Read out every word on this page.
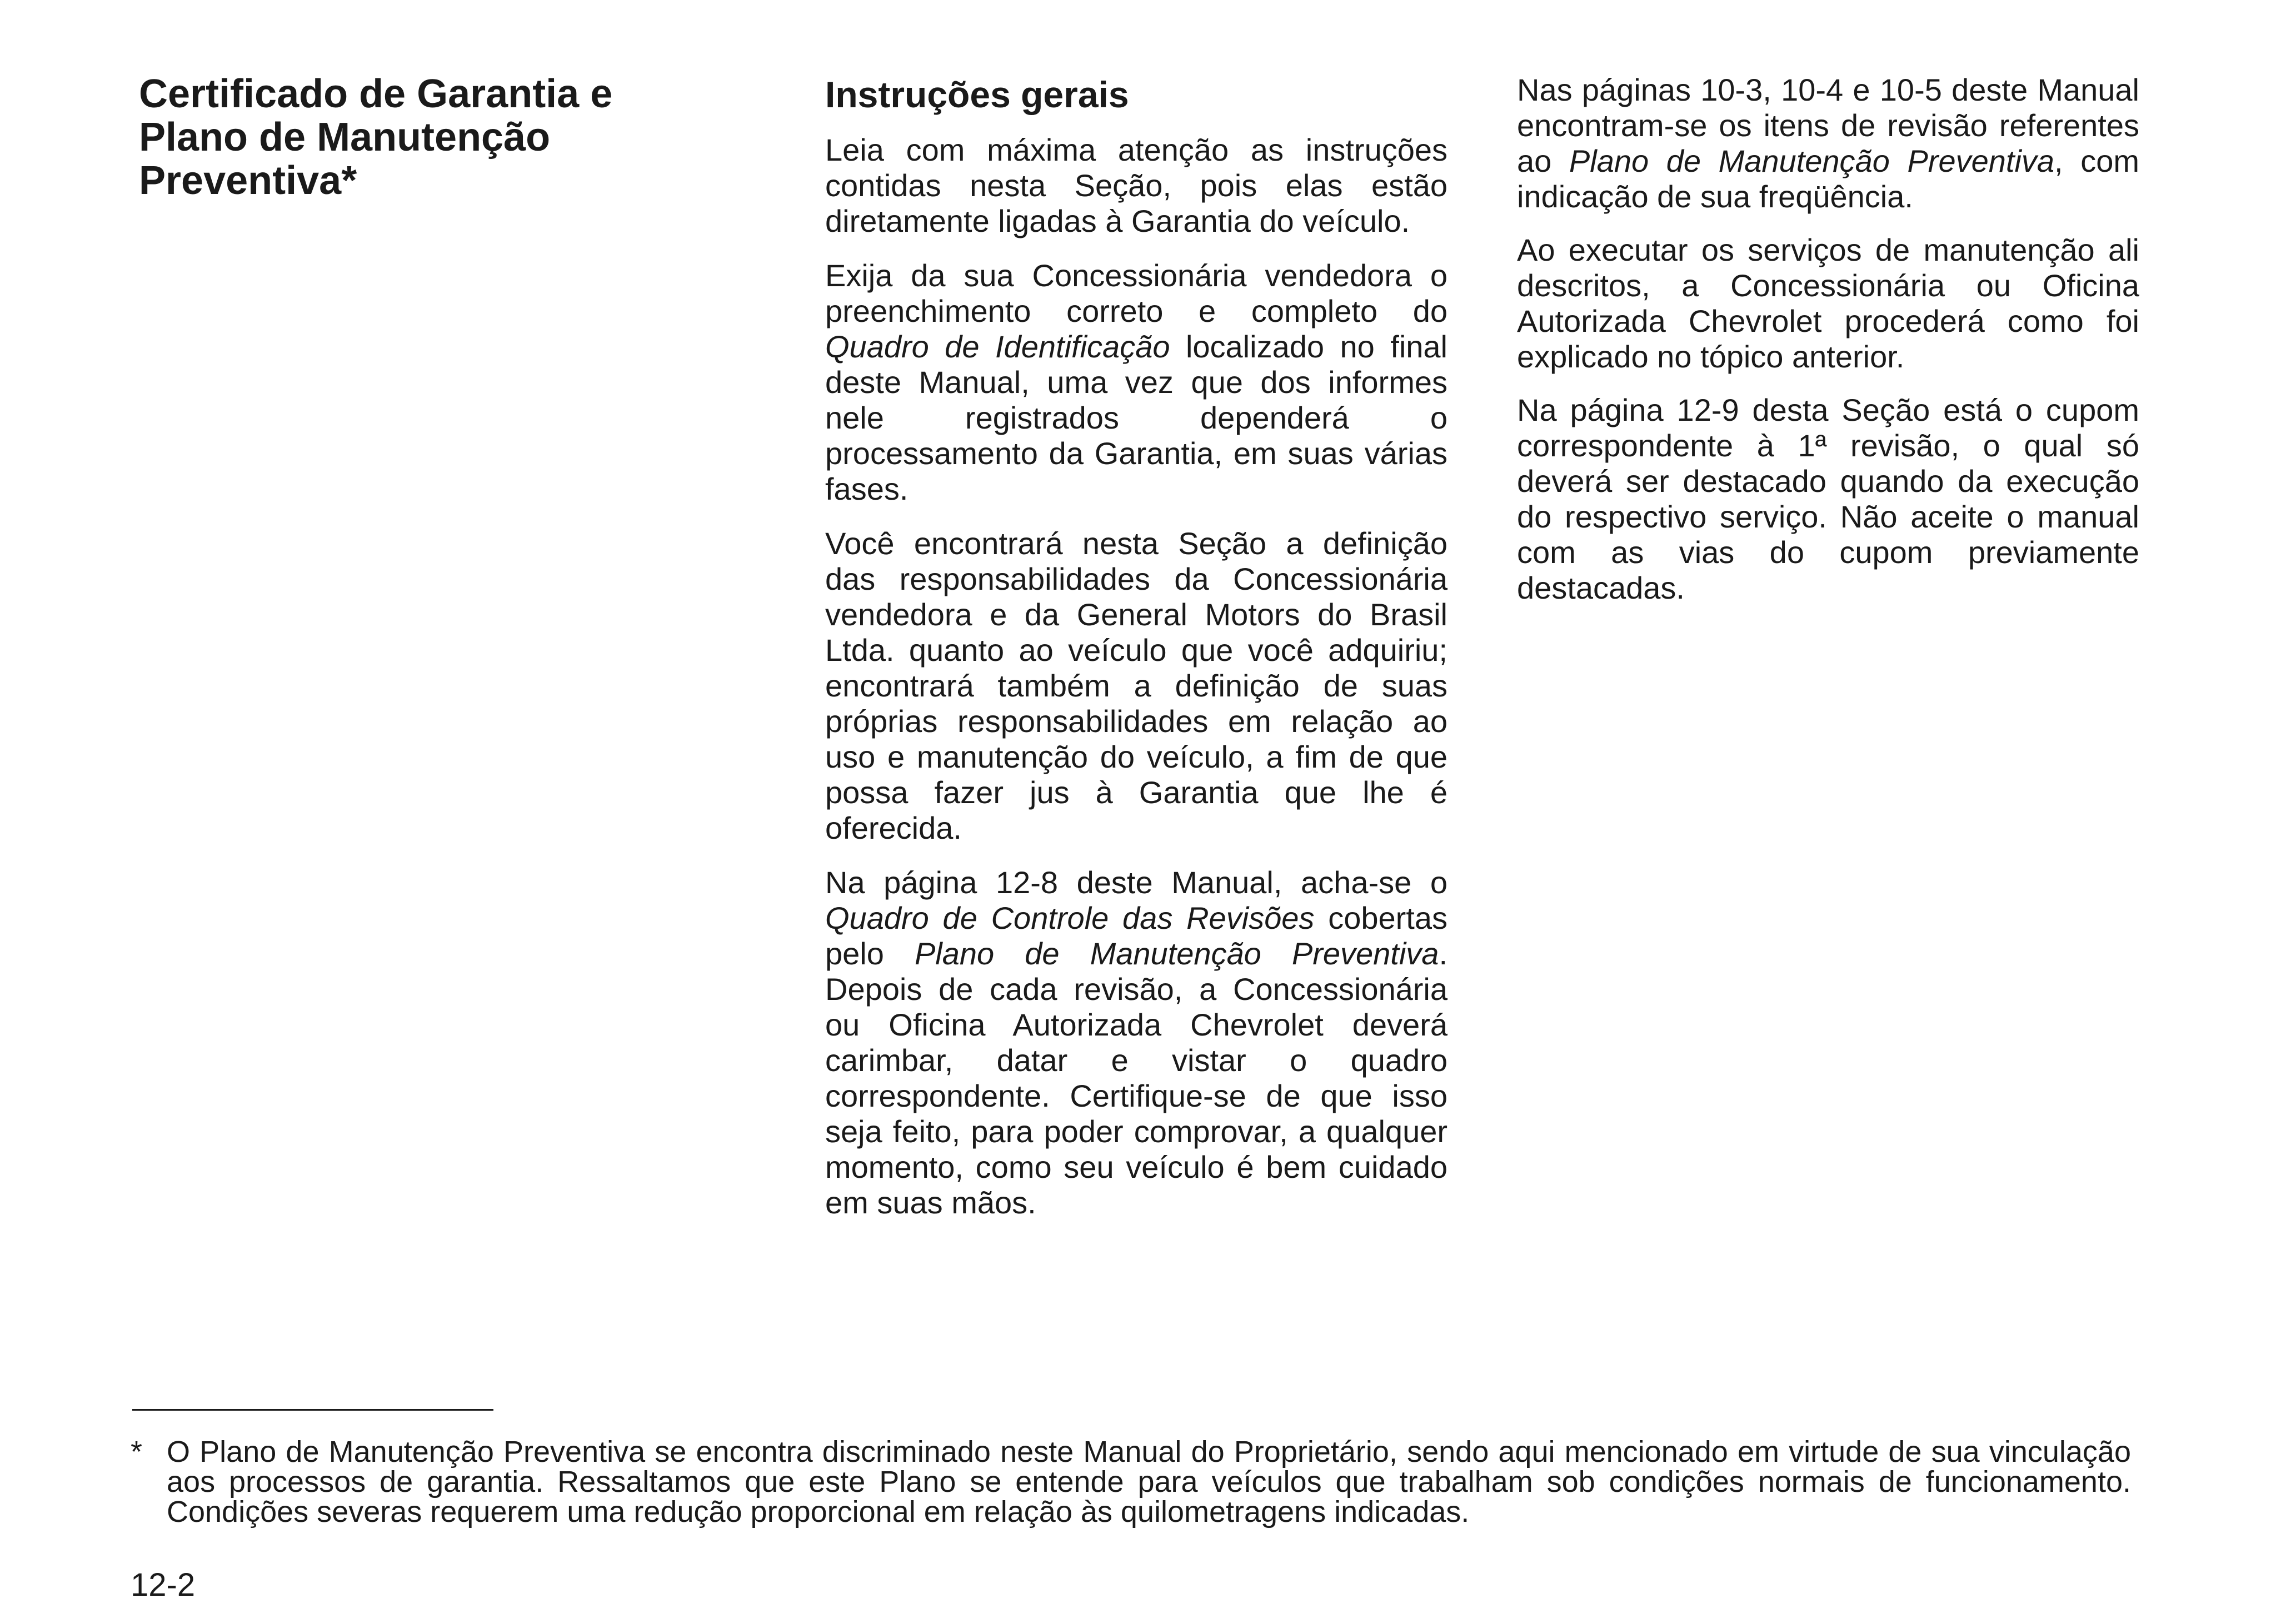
Certificado de Garantia e
Plano de Manutenção
Preventiva*
Instruções gerais

Leia com máxima atenção as instruções contidas nesta Seção, pois elas estão diretamente ligadas à Garantia do veículo.

Exija da sua Concessionária vendedora o preenchimento correto e completo do Quadro de Identificação localizado no final deste Manual, uma vez que dos informes nele registrados dependerá o processamento da Garantia, em suas várias fases.

Você encontrará nesta Seção a definição das responsabilidades da Concessionária vendedora e da General Motors do Brasil Ltda. quanto ao veículo que você adquiriu; encontrará também a definição de suas próprias responsabilidades em relação ao uso e manutenção do veículo, a fim de que possa fazer jus à Garantia que lhe é oferecida.

Na página 12-8 deste Manual, acha-se o Quadro de Controle das Revisões cobertas pelo Plano de Manutenção Preventiva. Depois de cada revisão, a Concessionária ou Oficina Autorizada Chevrolet deverá carimbar, datar e vistar o quadro correspondente. Certifique-se de que isso seja feito, para poder comprovar, a qualquer momento, como seu veículo é bem cuidado em suas mãos.

Nas páginas 10-3, 10-4 e 10-5 deste Manual encontram-se os itens de revisão referentes ao Plano de Manutenção Preventiva, com indicação de sua freqüência.

Ao executar os serviços de manutenção ali descritos, a Concessionária ou Oficina Autorizada Chevrolet procederá como foi explicado no tópico anterior.

Na página 12-9 desta Seção está o cupom correspondente à 1ª revisão, o qual só deverá ser destacado quando da execução do respectivo serviço. Não aceite o manual com as vias do cupom previamente destacadas.

* O Plano de Manutenção Preventiva se encontra discriminado neste Manual do Proprietário, sendo aqui mencionado em virtude de sua vinculação aos processos de garantia. Ressaltamos que este Plano se entende para veículos que trabalham sob condições normais de funcionamento. Condições severas requerem uma redução proporcional em relação às quilometragens indicadas.
12-2
